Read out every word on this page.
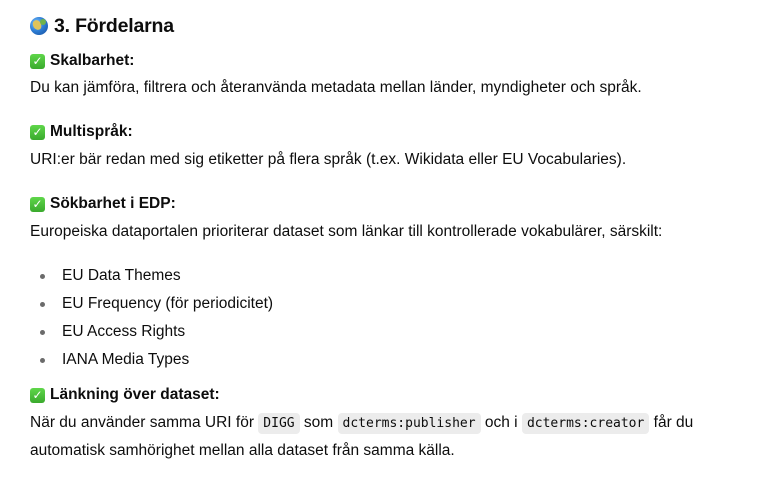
3. Fördelarna
✓ Skalbarhet:
Du kan jämföra, filtrera och återanvända metadata mellan länder, myndigheter och språk.
✓ Multispråk:
URI:er bär redan med sig etiketter på flera språk (t.ex. Wikidata eller EU Vocabularies).
✓ Sökbarhet i EDP:
Europeiska dataportalen prioriterar dataset som länkar till kontrollerade vokabulärer, särskilt:
EU Data Themes
EU Frequency (för periodicitet)
EU Access Rights
IANA Media Types
✓ Länkning över dataset:
När du använder samma URI för DIGG som dcterms:publisher och i dcterms:creator får du
automatisk samhörighet mellan alla dataset från samma källa.
